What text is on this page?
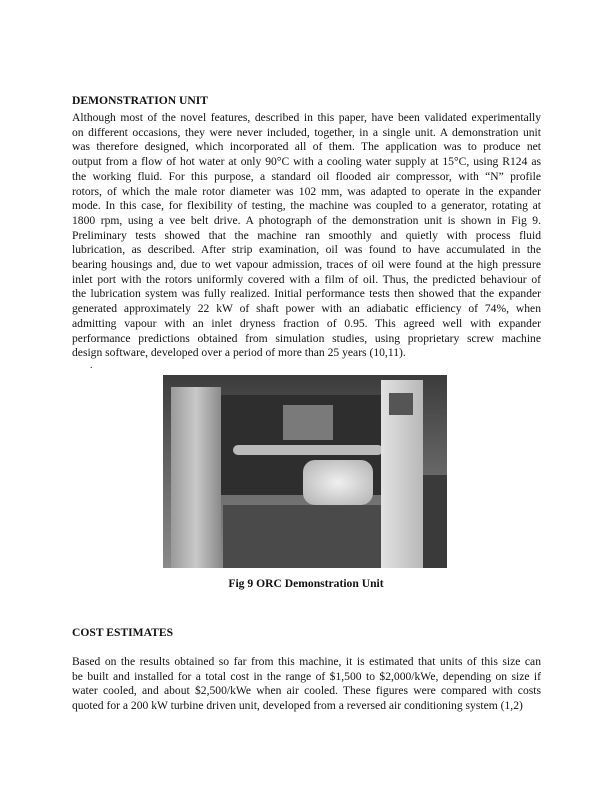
DEMONSTRATION UNIT
Although most of the novel features, described in this paper, have been validated experimentally
on different occasions, they were never included, together, in a single unit. A demonstration unit
was therefore designed, which incorporated all of them. The application was to produce net
output from a flow of hot water at only 90°C with a cooling water supply at 15°C, using R124 as
the working fluid. For this purpose, a standard oil flooded air compressor, with “N” profile
rotors, of which the male rotor diameter was 102 mm, was adapted to operate in the expander
mode. In this case, for flexibility of testing, the machine was coupled to a generator, rotating at
1800 rpm, using a vee belt drive. A photograph of the demonstration unit is shown in Fig 9.
Preliminary tests showed that the machine ran smoothly and quietly with process fluid
lubrication, as described. After strip examination, oil was found to have accumulated in the
bearing housings and, due to wet vapour admission, traces of oil were found at the high pressure
inlet port with the rotors uniformly covered with a film of oil. Thus, the predicted behaviour of
the lubrication system was fully realized. Initial performance tests then showed that the expander
generated approximately 22 kW of shaft power with an adiabatic efficiency of 74%, when
admitting vapour with an inlet dryness fraction of 0.95. This agreed well with expander
performance predictions obtained from simulation studies, using proprietary screw machine
design software, developed over a period of more than 25 years (10,11).
.
Fig 9 ORC Demonstration Unit
COST ESTIMATES
Based on the results obtained so far from this machine, it is estimated that units of this size can
be built and installed for a total cost in the range of $1,500 to $2,000/kWe, depending on size if
water cooled, and about $2,500/kWe when air cooled. These figures were compared with costs
quoted for a 200 kW turbine driven unit, developed from a reversed air conditioning system (1,2)
